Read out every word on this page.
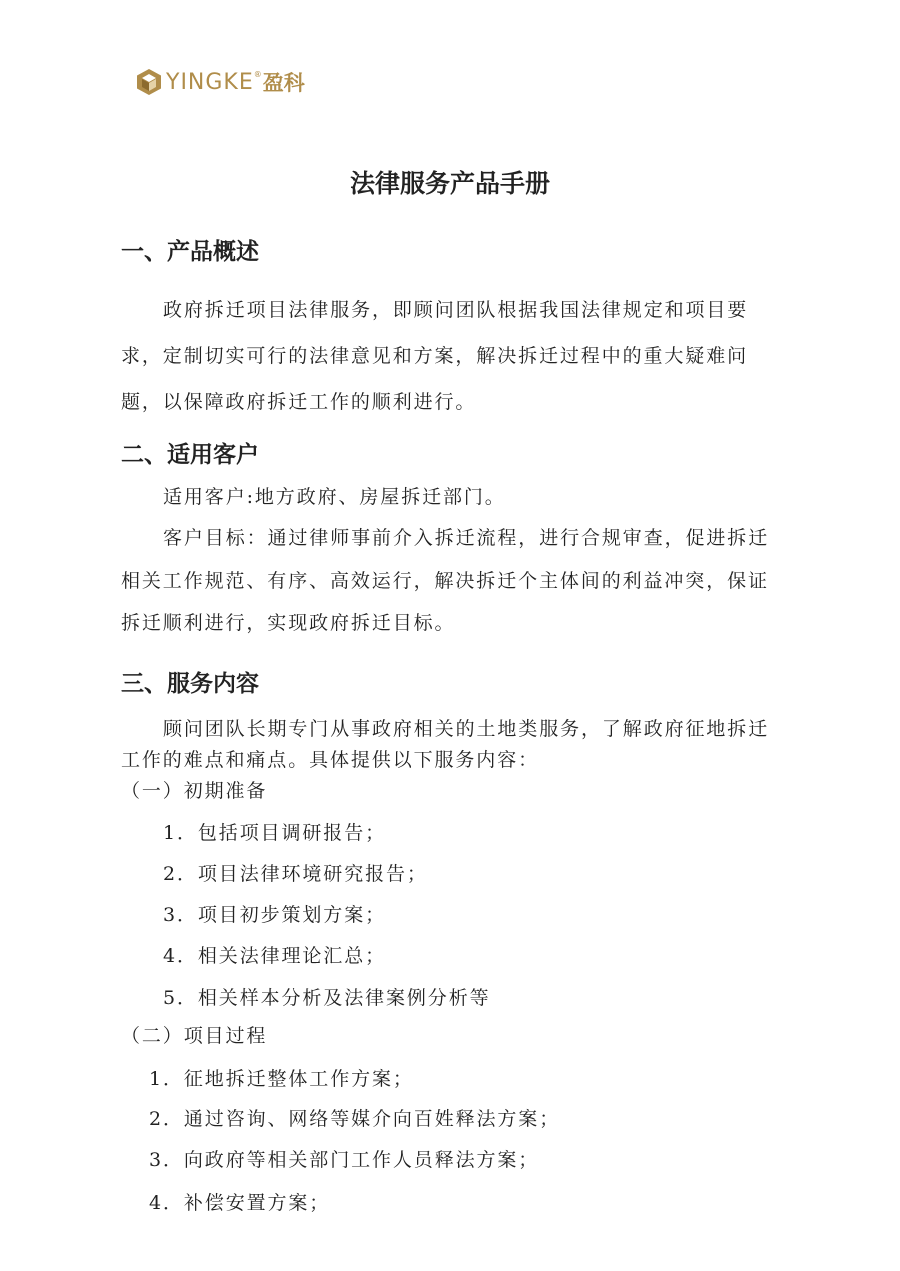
YINGKE ® 盈科
法律服务产品手册
一、产品概述

政府拆迁项目法律服务，即顾问团队根据我国法律规定和项目要

求，定制切实可行的法律意见和方案，解决拆迁过程中的重大疑难问

题，以保障政府拆迁工作的顺利进行。

二、适用客户

适用客户:地方政府、房屋拆迁部门。

客户目标：通过律师事前介入拆迁流程，进行合规审查，促进拆迁

相关工作规范、有序、高效运行，解决拆迁个主体间的利益冲突，保证

拆迁顺利进行，实现政府拆迁目标。

三、服务内容

顾问团队长期专门从事政府相关的土地类服务，了解政府征地拆迁

工作的难点和痛点。具体提供以下服务内容：

（一）初期准备

1．包括项目调研报告；

2．项目法律环境研究报告；

3．项目初步策划方案；

4．相关法律理论汇总；

5．相关样本分析及法律案例分析等

（二）项目过程

1．征地拆迁整体工作方案；

2．通过咨询、网络等媒介向百姓释法方案；

3．向政府等相关部门工作人员释法方案；

4．补偿安置方案；
